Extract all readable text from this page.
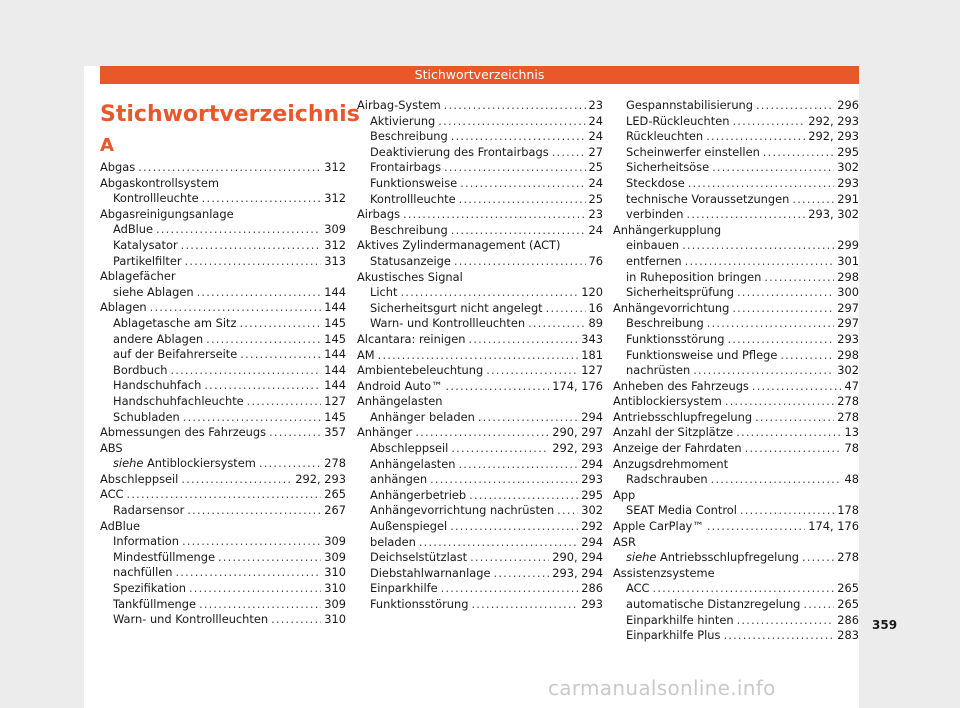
Stichwortverzeichnis
Stichwortverzeichnis
A
Abgas .....	312
Abgaskontrollsystem
Kontrollleuchte .....	312
Abgasreinigungsanlage
AdBlue .....	309
Katalysator .....	312
Partikelfilter .....	313
Ablagefächer
siehe Ablagen .....	144
Ablagen .....	144
Ablagetasche am Sitz .....	145
andere Ablagen .....	145
auf der Beifahrerseite .....	144
Bordbuch .....	144
Handschuhfach .....	144
Handschuhfachleuchte .....	127
Schubladen .....	145
Abmessungen des Fahrzeugs .....	357
ABS
siehe Antiblockiersystem .....	278
Abschleppseil .....	292, 293
ACC .....	265
Radarsensor .....	267
AdBlue
Information .....	309
Mindestfüllmenge .....	309
nachfüllen .....	310
Spezifikation .....	310
Tankfüllmenge .....	309
Warn- und Kontrollleuchten .....	310
Airbag-System .....	23
Aktivierung .....	24
Beschreibung .....	24
Deaktivierung des Frontairbags .....	27
Frontairbags .....	25
Funktionsweise .....	24
Kontrollleuchte .....	25
Airbags .....	23
Beschreibung .....	24
Aktives Zylindermanagement (ACT)
Statusanzeige .....	76
Akustisches Signal
Licht .....	120
Sicherheitsgurt nicht angelegt .....	16
Warn- und Kontrollleuchten .....	89
Alcantara: reinigen .....	343
AM .....	181
Ambientebeleuchtung .....	127
Android Auto™ .....	174, 176
Anhängelasten
Anhänger beladen .....	294
Anhänger .....	290, 297
Abschleppseil .....	292, 293
Anhängelasten .....	294
anhängen .....	293
Anhängerbetrieb .....	295
Anhängevorrichtung nachrüsten ..... 302
Außenspiegel .....	292
beladen .....	294
Deichselstützlast .....	290, 294
Diebstahlwarnanlage .....	293, 294
Einparkhilfe .....	286
Funktionsstörung .....	293
Gespannstabilisierung .....	296
LED-Rückleuchten .....	292, 293
Rückleuchten .....	292, 293
Scheinwerfer einstellen .....	295
Sicherheitsöse .....	302
Steckdose .....	293
technische Voraussetzungen .....	291
verbinden .....	293, 302
Anhängerkupplung
einbauen .....	299
entfernen .....	301
in Ruheposition bringen .....	298
Sicherheitsprüfung .....	300
Anhängevorrichtung .....	297
Beschreibung .....	297
Funktionsstörung .....	293
Funktionsweise und Pflege .....	298
nachrüsten .....	302
Anheben des Fahrzeugs .....	47
Antiblockiersystem .....	278
Antriebsschlupfregelung .....	278
Anzahl der Sitzplätze .....	13
Anzeige der Fahrdaten .....	78
Anzugsdrehmoment
Radschrauben .....	48
App
SEAT Media Control .....	178
Apple CarPlay™ .....	174, 176
ASR
siehe Antriebsschlupfregelung .....	278
Assistenzsysteme
ACC .....	265
automatische Distanzregelung .....	265
Einparkhilfe hinten .....	286
Einparkhilfe Plus .....	283
359
carmanualsonline.info
